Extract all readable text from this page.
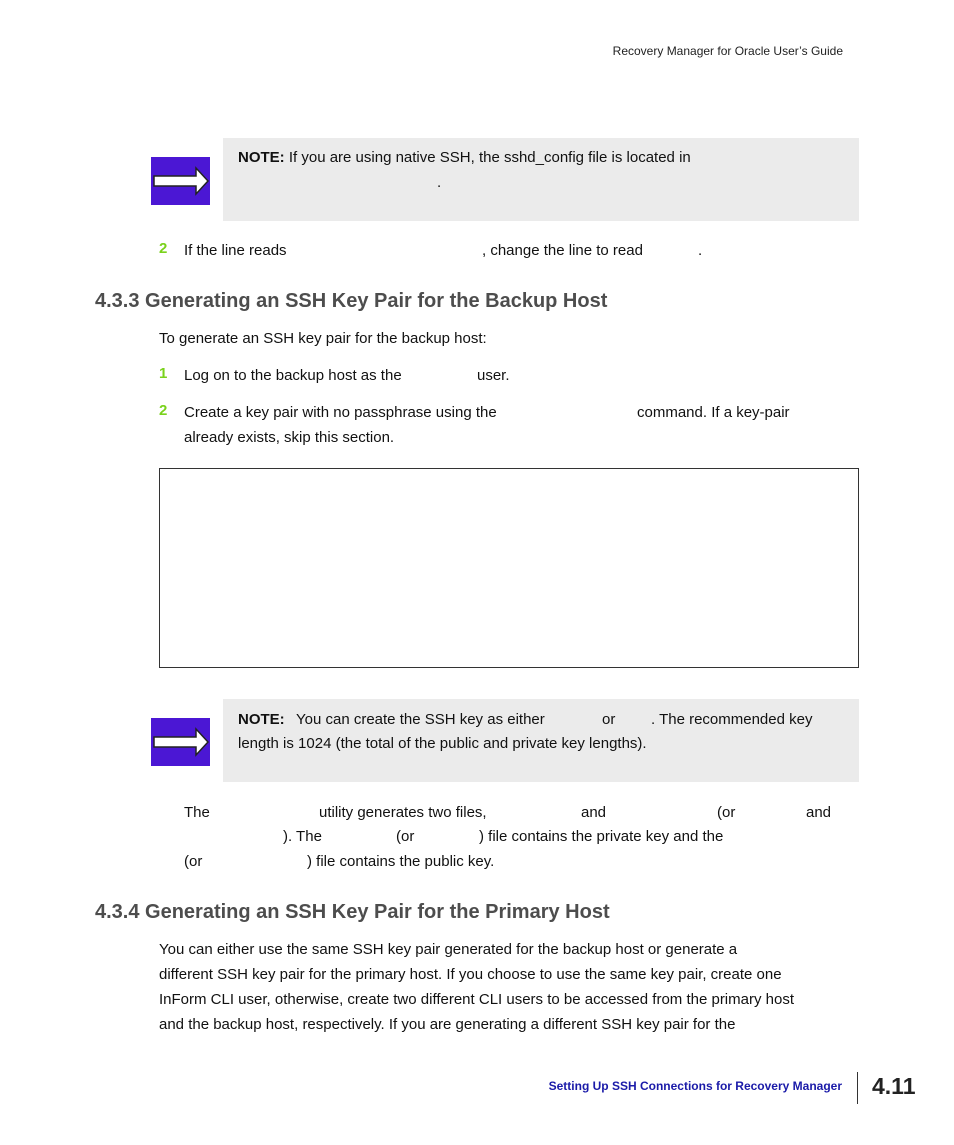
Recovery Manager for Oracle User’s Guide
NOTE: If you are using native SSH, the sshd_config file is located in
.
2 If the line reads	, change the line to read	.
4.3.3 Generating an SSH Key Pair for the Backup Host
To generate an SSH key pair for the backup host:
1 Log on to the backup host as the	user.
2 Create a key pair with no passphrase using the	command. If a key-pair
already exists, skip this section.
NOTE: You can create the SSH key as either	or . The recommended key
length is 1024 (the total of the public and private key lengths).
The	utility generates two files,	and	(or	and
). The	(or	) file contains the private key and the
(or	) file contains the public key.
4.3.4 Generating an SSH Key Pair for the Primary Host
You can either use the same SSH key pair generated for the backup host or generate a
different SSH key pair for the primary host. If you choose to use the same key pair, create one
InForm CLI user, otherwise, create two different CLI users to be accessed from the primary host
and the backup host, respectively. If you are generating a different SSH key pair for the
Setting Up SSH Connections for Recovery Manager 4.11
